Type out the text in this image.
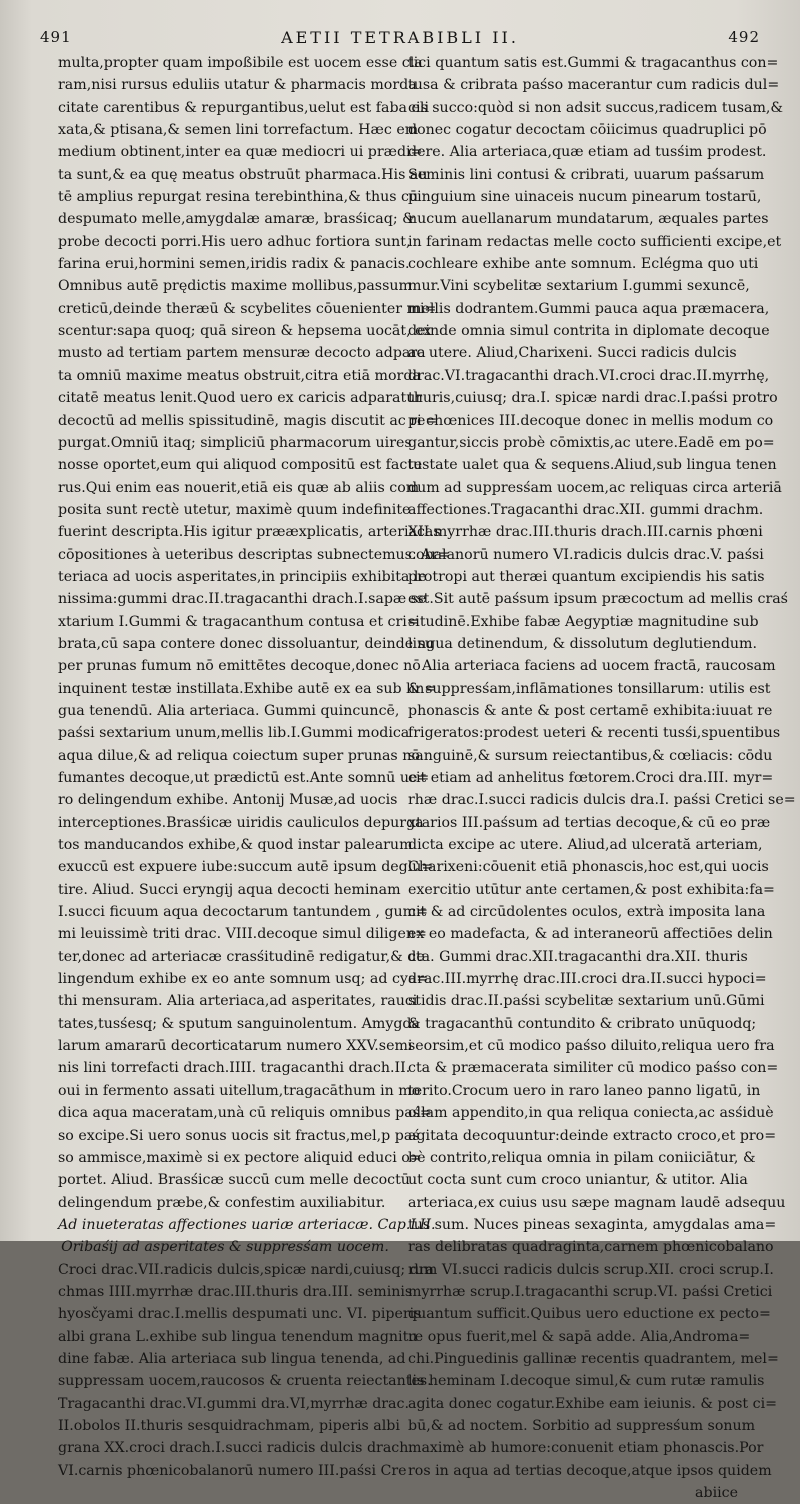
491	AETII TETRABIBLI II.	492
multa,propter quam impoßibile est uocem esse cla
ram,nisi rursus eduliis utatur & pharmacis morda
citate carentibus & repurgantibus,uelut est faba eli
xata,& ptisana,& semen lini torrefactum. Hæc em
medium obtinent,inter ea quæ mediocri ui prædi=
ta sunt,& ea quę meatus obstruūt pharmaca.His au
tē amplius repurgat resina terebinthina,& thus cū
despumato melle,amygdalæ amaræ, brasśicaq; &
probe decocti porri.His uero adhuc fortiora sunt,
farina erui,hormini semen,iridis radix & panacis.
Omnibus autē prędictis maxime mollibus,passum
creticū,deinde theræū & scybelites cōuenienter mi=
scentur:sapa quoq; quā sireon & hepsema uocāt, ex
musto ad tertiam partem mensuræ decocto adpara
ta omniū maxime meatus obstruit,citra etiā morda
citatē meatus lenit.Quod uero ex caricis adparatur
decoctū ad mellis spissitudinē, magis discutit ac re=
purgat.Omniū itaq; simpliciū pharmacorum uires
nosse oportet,eum qui aliquod compositū est factu
rus.Qui enim eas nouerit,etiā eis quæ ab aliis com
posita sunt rectè utetur, maximè quum indefinite
fuerint descripta.His igitur prææxplicatis, arteriacas
cōpositiones à ueteribus descriptas subnectemus. Ar=
teriaca ad uocis asperitates,in principiis exhibita le
nissima:gummi drac.II.tragacanthi drach.I.sapæ se
xtarium I.Gummi & tragacanthum contusa et cri=
brata,cū sapa contere donec dissoluantur, deinde su
per prunas fumum nō emittētes decoque,donec nō
inquinent testæ instillata.Exhibe autē ex ea sub lin=
gua tenendū. Alia arteriaca. Gummi quincuncē,
paśsi sextarium unum,mellis lib.I.Gummi modica
aqua dilue,& ad reliqua coiectum super prunas nō
fumantes decoque,ut prædictū est.Ante somnū ue=
ro delingendum exhibe. Antonij Musæ,ad uocis
interceptiones.Brasśicæ uiridis cauliculos depurga
tos manducandos exhibe,& quod instar palearum
exuccū est expuere iube:succum autē ipsum deglu=
tire. Aliud. Succi eryngij aqua decocti heminam
I.succi ficuum aqua decoctarum tantundem , gum=
mi leuissimè triti drac. VIII.decoque simul diligen=
ter,donec ad arteriacæ crasśitudinē redigatur,& de
lingendum exhibe ex eo ante somnum usq; ad cya=
thi mensuram. Alia arteriaca,ad asperitates, rauci
tates,tusśesq; & sputum sanguinolentum. Amygda
larum amararū decorticatarum numero XXV.semi
nis lini torrefacti drach.IIII. tragacanthi drach.II.
oui in fermento assati uitellum,tragacāthum in mo
dica aqua maceratam,unà cū reliquis omnibus paś=
so excipe.Si uero sonus uocis sit fractus,mel,p paś
so ammisce,maximè si ex pectore aliquid educi o=
portet. Aliud. Brasśicæ succū cum melle decoctū
delingendum præbe,& confestim auxiliabitur.
Ad inueteratas affectiones uariæ arteriacæ. Cap.LII.
Oribaśij ad asperitates & suppresśam uocem.
Croci drac.VII.radicis dulcis,spicæ nardi,cuiusq; dra
chmas IIII.myrrhæ drac.III.thuris dra.III. seminis
hyosčyami drac.I.mellis despumati unc. VI. piperis
albi grana L.exhibe sub lingua tenendum magnitu
dine fabæ. Alia arteriaca sub lingua tenenda, ad
suppressam uocem,raucosos & cruenta reiectantes.
Tragacanthi drac.VI.gummi dra.VI,myrrhæ drac.
II.obolos II.thuris sesquidrachmam, piperis albi
grana XX.croci drach.I.succi radicis dulcis drach.
VI.carnis phœnicobalanorū numero III.paśsi Cre
tici quantum satis est.Gummi & tragacanthus con=
tusa & cribrata paśso macerantur cum radicis dul=
cis succo:quòd si non adsit succus,radicem tusam,&
donec cogatur decoctam cōiicimus quadruplici pō
dere. Alia arteriaca,quæ etiam ad tusśim prodest.
Seminis lini contusi & cribrati, uuarum paśsarum
pinguium sine uinaceis nucum pinearum tostarū,
nucum auellanarum mundatarum, æquales partes
in farinam redactas melle cocto sufficienti excipe,et
cochleare exhibe ante somnum. Eclégma quo uti
mur.Vini scybelitæ sextarium I.gummi sexuncē,
mellis dodrantem.Gummi pauca aqua præmacera,
deinde omnia simul contrita in diplomate decoque
ac utere. Aliud,Charixeni. Succi radicis dulcis
drac.VI.tragacanthi drach.VI.croci drac.II.myrrhę,
thuris,cuiusq; dra.I. spicæ nardi drac.I.paśsi protro
pi chœnices III.decoque donec in mellis modum co
gantur,siccis probè cōmixtis,ac utere.Eadē em po=
testate ualet qua & sequens.Aliud,sub lingua tenen
dum ad suppresśam uocem,ac reliquas circa arteriā
affectiones.Tragacanthi drac.XII. gummi drachm.
XII.myrrhæ drac.III.thuris drach.III.carnis phœni
cobalanorū numero VI.radicis dulcis drac.V. paśsi
protropi aut theræi quantum excipiendis his satis
est.Sit autē paśsum ipsum præcoctum ad mellis craś
situdinē.Exhibe fabæ Aegyptiæ magnitudine sub
lingua detinendum, & dissolutum deglutiendum.
Alia arteriaca faciens ad uocem fractā, raucosam
& suppresśam,inflāmationes tonsillarum: utilis est
phonascis & ante & post certamē exhibita:iuuat re
frigeratos:prodest ueteri & recenti tusśi,spuentibus
sanguinē,& sursum reiectantibus,& cœliacis: cōdu
cit etiam ad anhelitus fœtorem.Croci dra.III. myr=
rhæ drac.I.succi radicis dulcis dra.I. paśsi Cretici se=
xtarios III.paśsum ad tertias decoque,& cū eo præ
dicta excipe ac utere. Aliud,ad ulcerată arteriam,
Charixeni:cōuenit etiā phonascis,hoc est,qui uocis
exercitio utūtur ante certamen,& post exhibita:fa=
cit & ad circūdolentes oculos, extrà imposita lana
ex eo madefacta, & ad interaneorū affectiōes delin
cta. Gummi drac.XII.tragacanthi dra.XII. thuris
drac.III.myrrhę drac.III.croci dra.II.succi hypoci=
stidis drac.II.paśsi scybelitæ sextarium unū.Gūmi
& tragacanthū contundito & cribrato unūquodq;
seorsim,et cū modico paśso diluito,reliqua uero fra
cta & præmacerata similiter cū modico paśso con=
terito.Crocum uero in raro laneo panno ligatū, in
ollam appendito,in qua reliqua coniecta,ac asśiduè
agitata decoquuntur:deinde extracto croco,et pro=
bè contrito,reliqua omnia in pilam coniiciātur, &
ut cocta sunt cum croco uniantur, & utitor. Alia
arteriaca,ex cuius usu sæpe magnam laudē adsequu
tus sum. Nuces pineas sexaginta, amygdalas ama=
ras delibratas quadraginta,carnem phœnicobalano
rum VI.succi radicis dulcis scrup.XII. croci scrup.I.
myrrhæ scrup.I.tragacanthi scrup.VI. paśsi Cretici
quantum sufficit.Quibus uero eductione ex pecto=
re opus fuerit,mel & sapā adde. Alia,Androma=
chi.Pinguedinis gallinæ recentis quadrantem, mel=
lis heminam I.decoque simul,& cum rutæ ramulis
agita donec cogatur.Exhibe eam ieiunis. & post ci=
bū,& ad noctem. Sorbitio ad suppresśum sonum
maximè ab humore:conuenit etiam phonascis.Por
ros in aqua ad tertias decoque,atque ipsos quidem
abiice
